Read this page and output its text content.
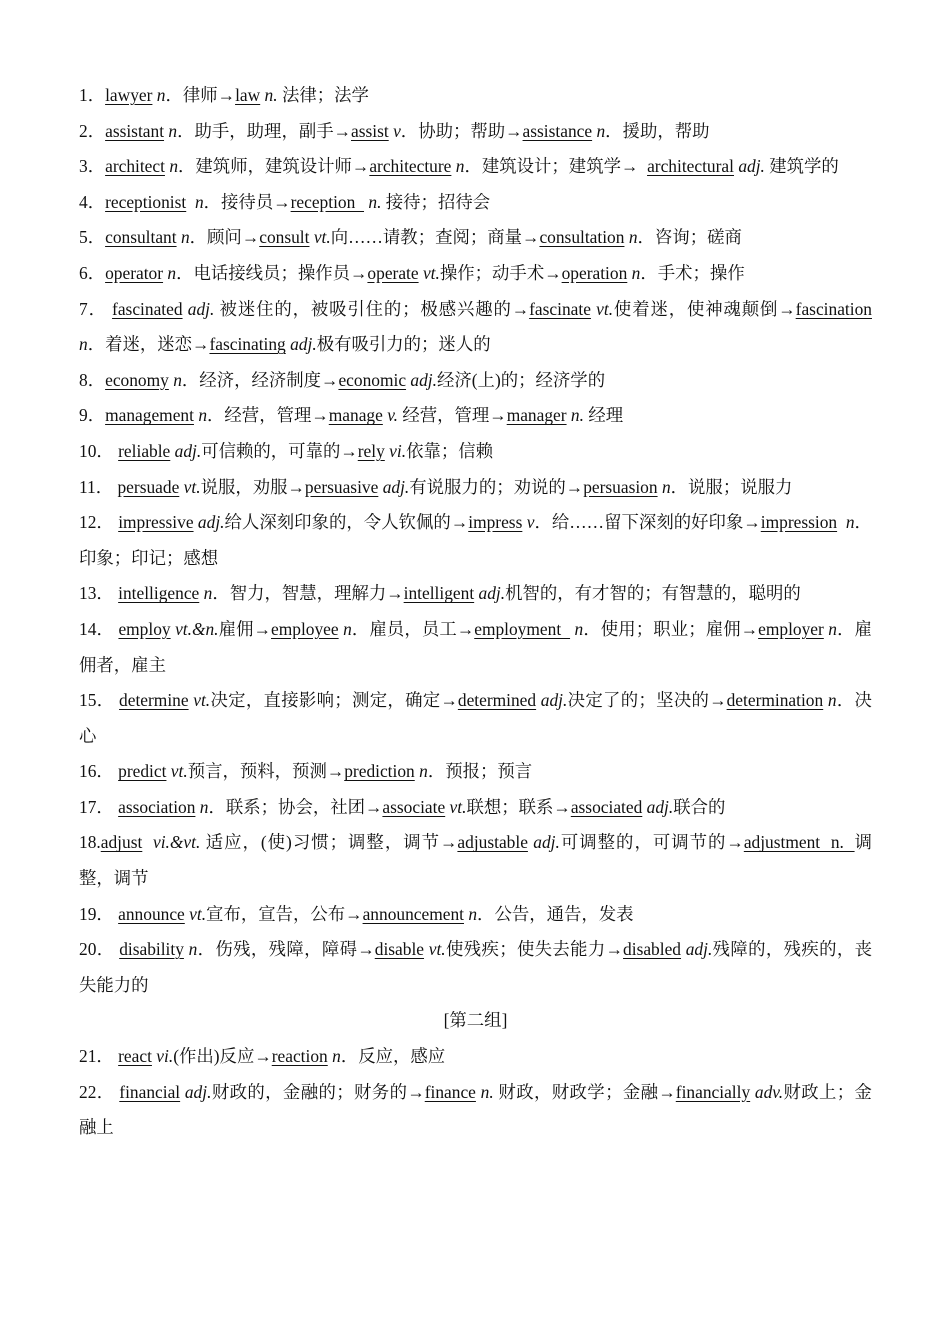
1．lawyer n．律师→law n. 法律；法学

2．assistant n．助手，助理，副手→assist v．协助；帮助→assistance n．援助，帮助

3．architect n．建筑师，建筑设计师→architecture n．建筑设计；建筑学→  architectural adj. 建筑学的

4．receptionist n．接待员→reception   n. 接待；招待会

5．consultant n．顾问→consult vt.向……请教；查阅；商量→consultation n．咨询；磋商

6．operator n．电话接线员；操作员→operate vt.操作；动手术→operation n．手术；操作

7． fascinated adj. 被迷住的，被吸引住的；极感兴趣的→fascinate vt.使着迷，使神魂颠倒→fascination n．着迷，迷恋→fascinating adj.极有吸引力的；迷人的

8．economy n．经济，经济制度→economic adj.经济(上)的；经济学的

9．management n．经营，管理→manage v. 经营，管理→manager n. 经理

10． reliable adj.可信赖的，可靠的→rely vi.依靠；信赖

11． persuade vt.说服，劝服→persuasive adj.有说服力的；劝说的→persuasion n．说服；说服力

12． impressive adj.给人深刻印象的，令人钦佩的→impress v．给……留下深刻的好印象→impression n．印象；印记；感想

13． intelligence n．智力，智慧，理解力→intelligent adj.机智的，有才智的；有智慧的，聪明的

14． employ vt.&n.雇佣→employee n．雇员，员工→employment   n．使用；职业；雇佣→employer n．雇佣者，雇主

15． determine vt.决定，直接影响；测定，确定→determined adj.决定了的；坚决的→determination n．决心

16． predict vt.预言，预料，预测→prediction n．预报；预言

17． association n．联系；协会，社团→associate vt.联想；联系→associated adj.联合的

18.adjust vi.&vt. 适应，(使)习惯；调整，调节→adjustable adj.可调整的，可调节的→adjustment  n.  调整，调节

19． announce vt.宣布，宣告，公布→announcement n．公告，通告，发表

20． disability n．伤残，残障，障碍→disable vt.使残疾；使失去能力→disabled adj.残障的，残疾的，丧失能力的

[第二组]

21． react vi.(作出)反应→reaction n．反应，感应

22． financial adj.财政的，金融的；财务的→finance n. 财政，财政学；金融→financially adv.财政上；金融上
